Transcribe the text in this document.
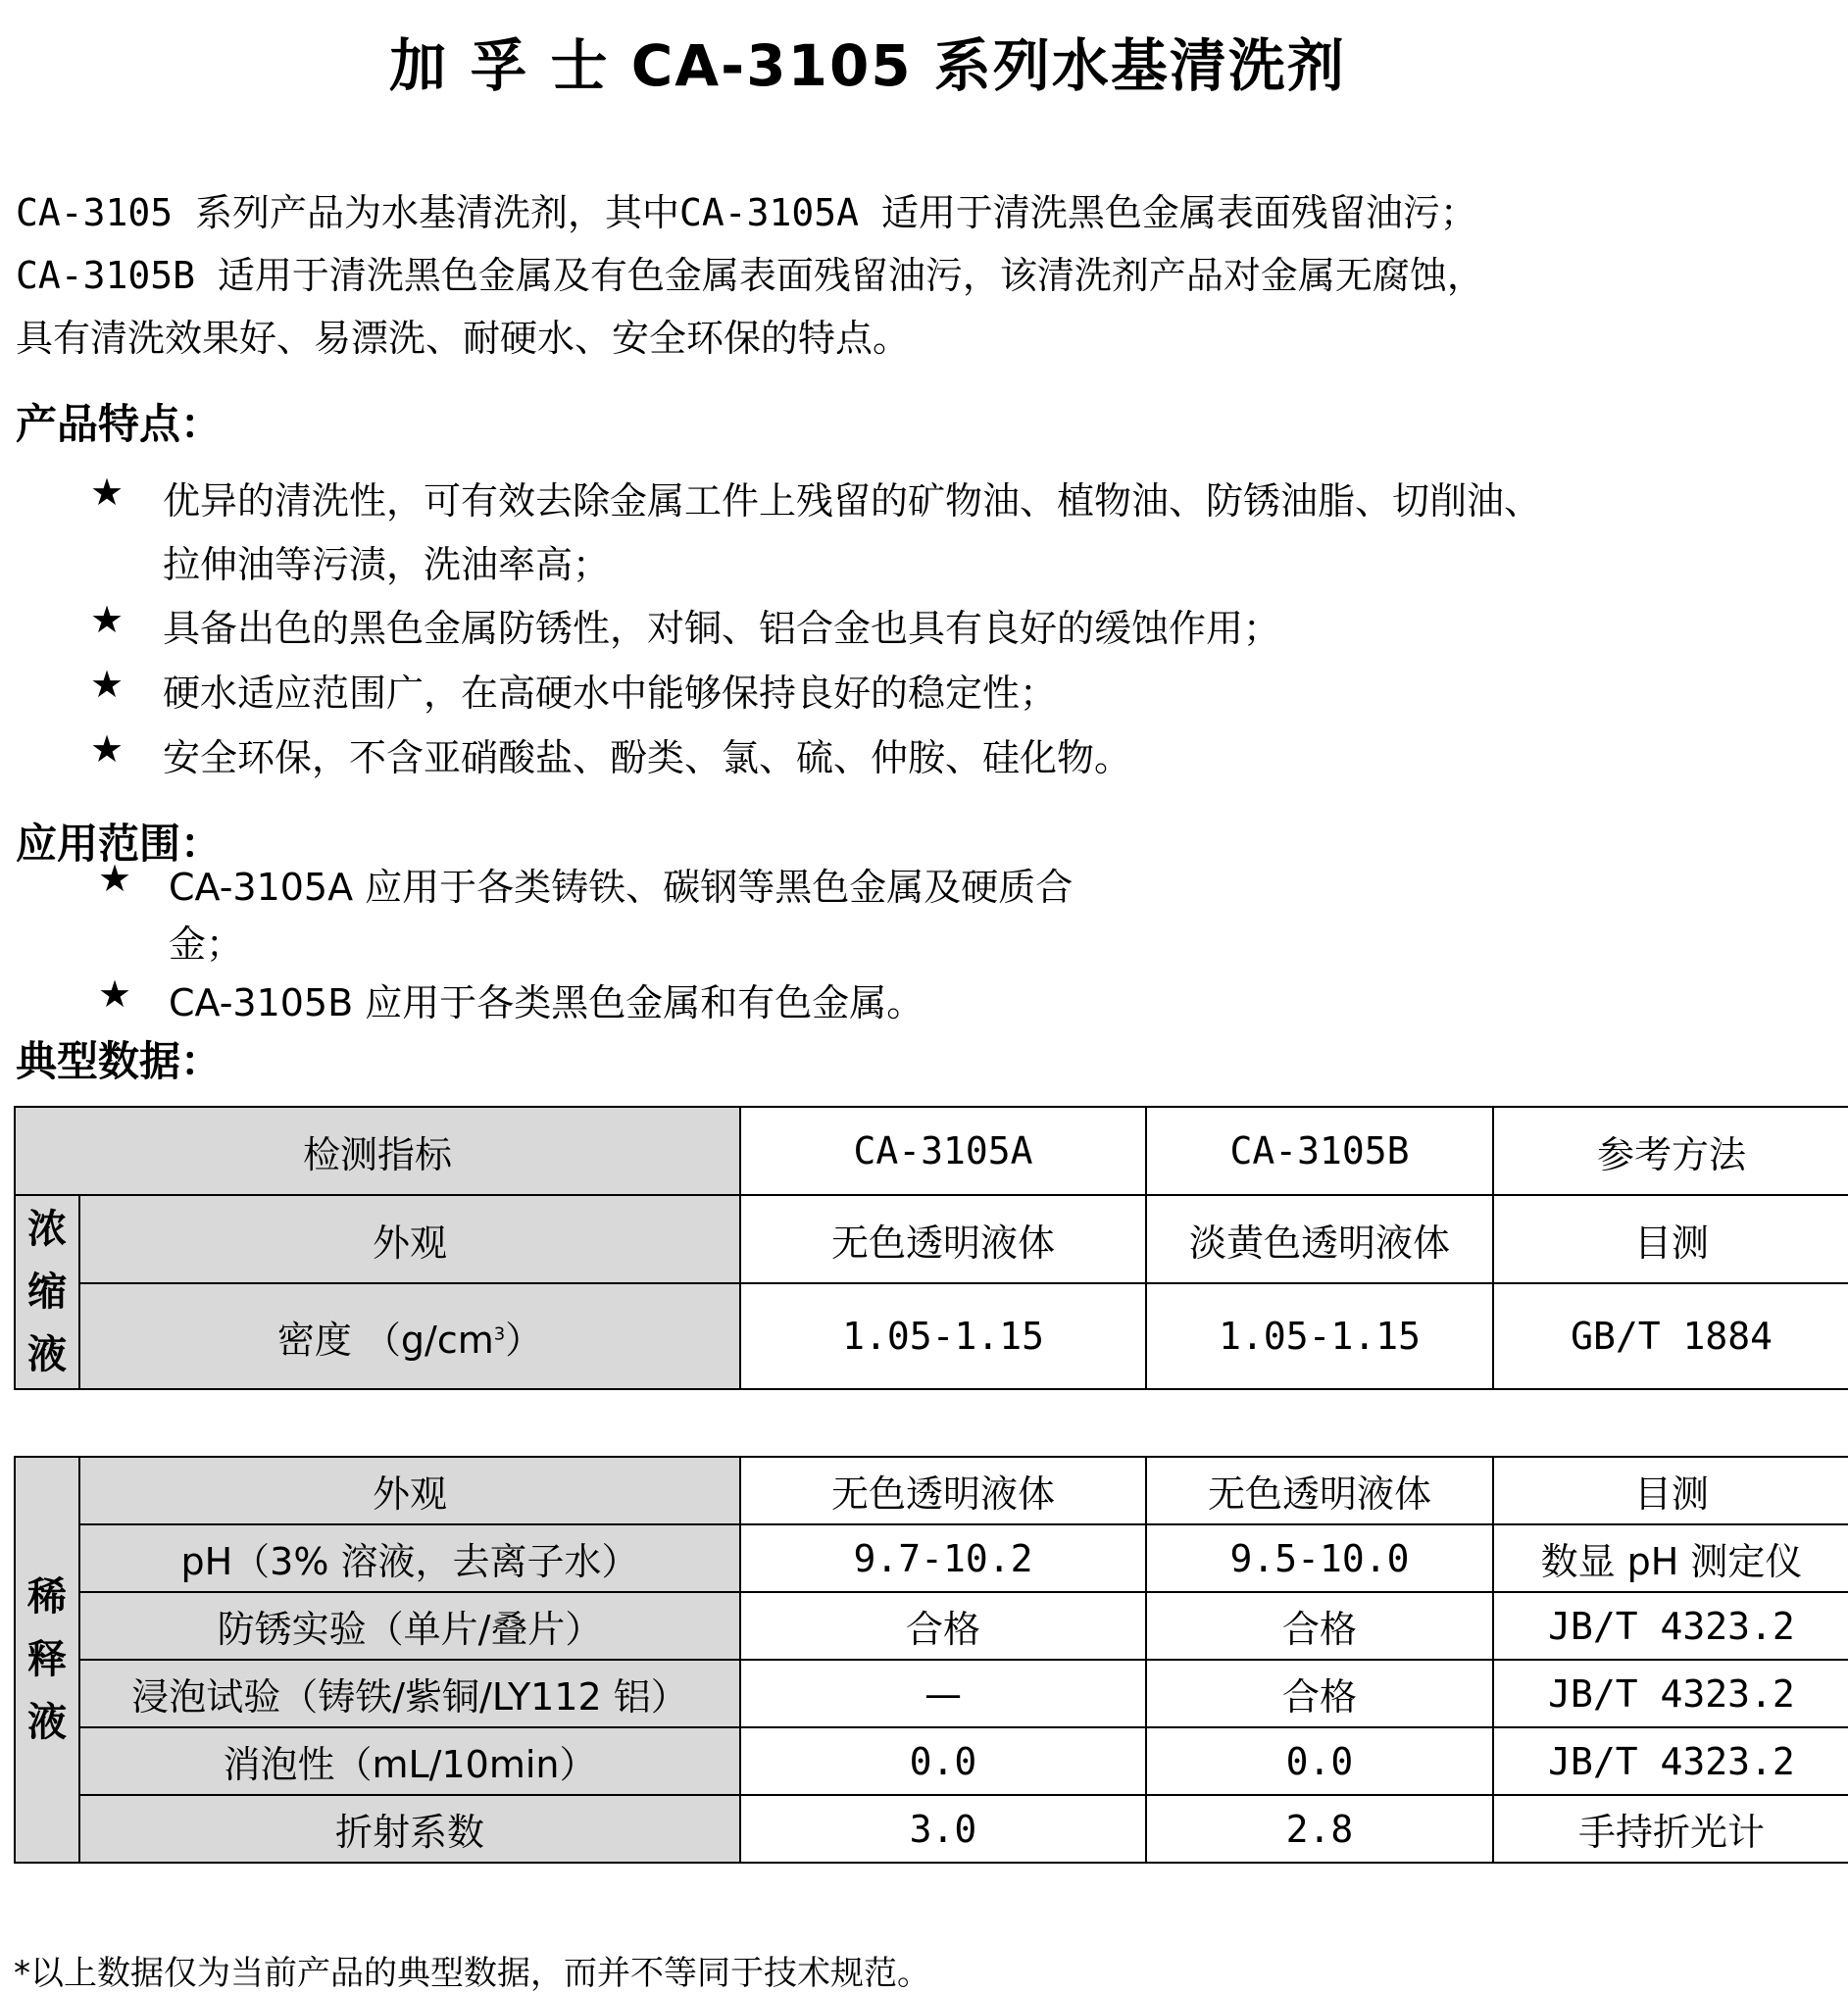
加 孚 士 CA-3105 系列水基清洗剂

CA-3105 系列产品为水基清洗剂，其中CA-3105A 适用于清洗黑色金属表面残留油污；

CA-3105B 适用于清洗黑色金属及有色金属表面残留油污，该清洗剂产品对金属无腐蚀，

具有清洗效果好、易漂洗、耐硬水、安全环保的特点。

产品特点：
★ 优异的清洗性，可有效去除金属工件上残留的矿物油、植物油、防锈油脂、切削油、
拉伸油等污渍，洗油率高；
★ 具备出色的黑色金属防锈性，对铜、铝合金也具有良好的缓蚀作用；
★ 硬水适应范围广，在高硬水中能够保持良好的稳定性；
★ 安全环保，不含亚硝酸盐、酚类、氯、硫、仲胺、硅化物。
应用范围：
★ CA-3105A 应用于各类铸铁、碳钢等黑色金属及硬质合
金；
★ CA-3105B 应用于各类黑色金属和有色金属。
典型数据：
检测指标		CA-3105A	CA-3105B	参考方法

浓
缩
液	外观	无色透明液体	淡黄色透明液体	目测
	密度 $(g/cm^3)$	1.05-1.15	1.05-1.15	GB/T 1884
稀
释
液	外观	无色透明液体	无色透明液体	目测
	pH（3% 溶液，去离子水）	9.7-10.2	9.5-10.0	数显 pH 测定仪
	防锈实验（单片/叠片）	合格	合格	JB/T 4323.2
	浸泡试验（铸铁/紫铜/LY112 铝）	—	合格	JB/T 4323.2
	消泡性（mL/10min）	0.0	0.0	JB/T 4323.2
	折射系数	3.0	2.8	手持折光计
*以上数据仅为当前产品的典型数据，而并不等同于技术规范。
